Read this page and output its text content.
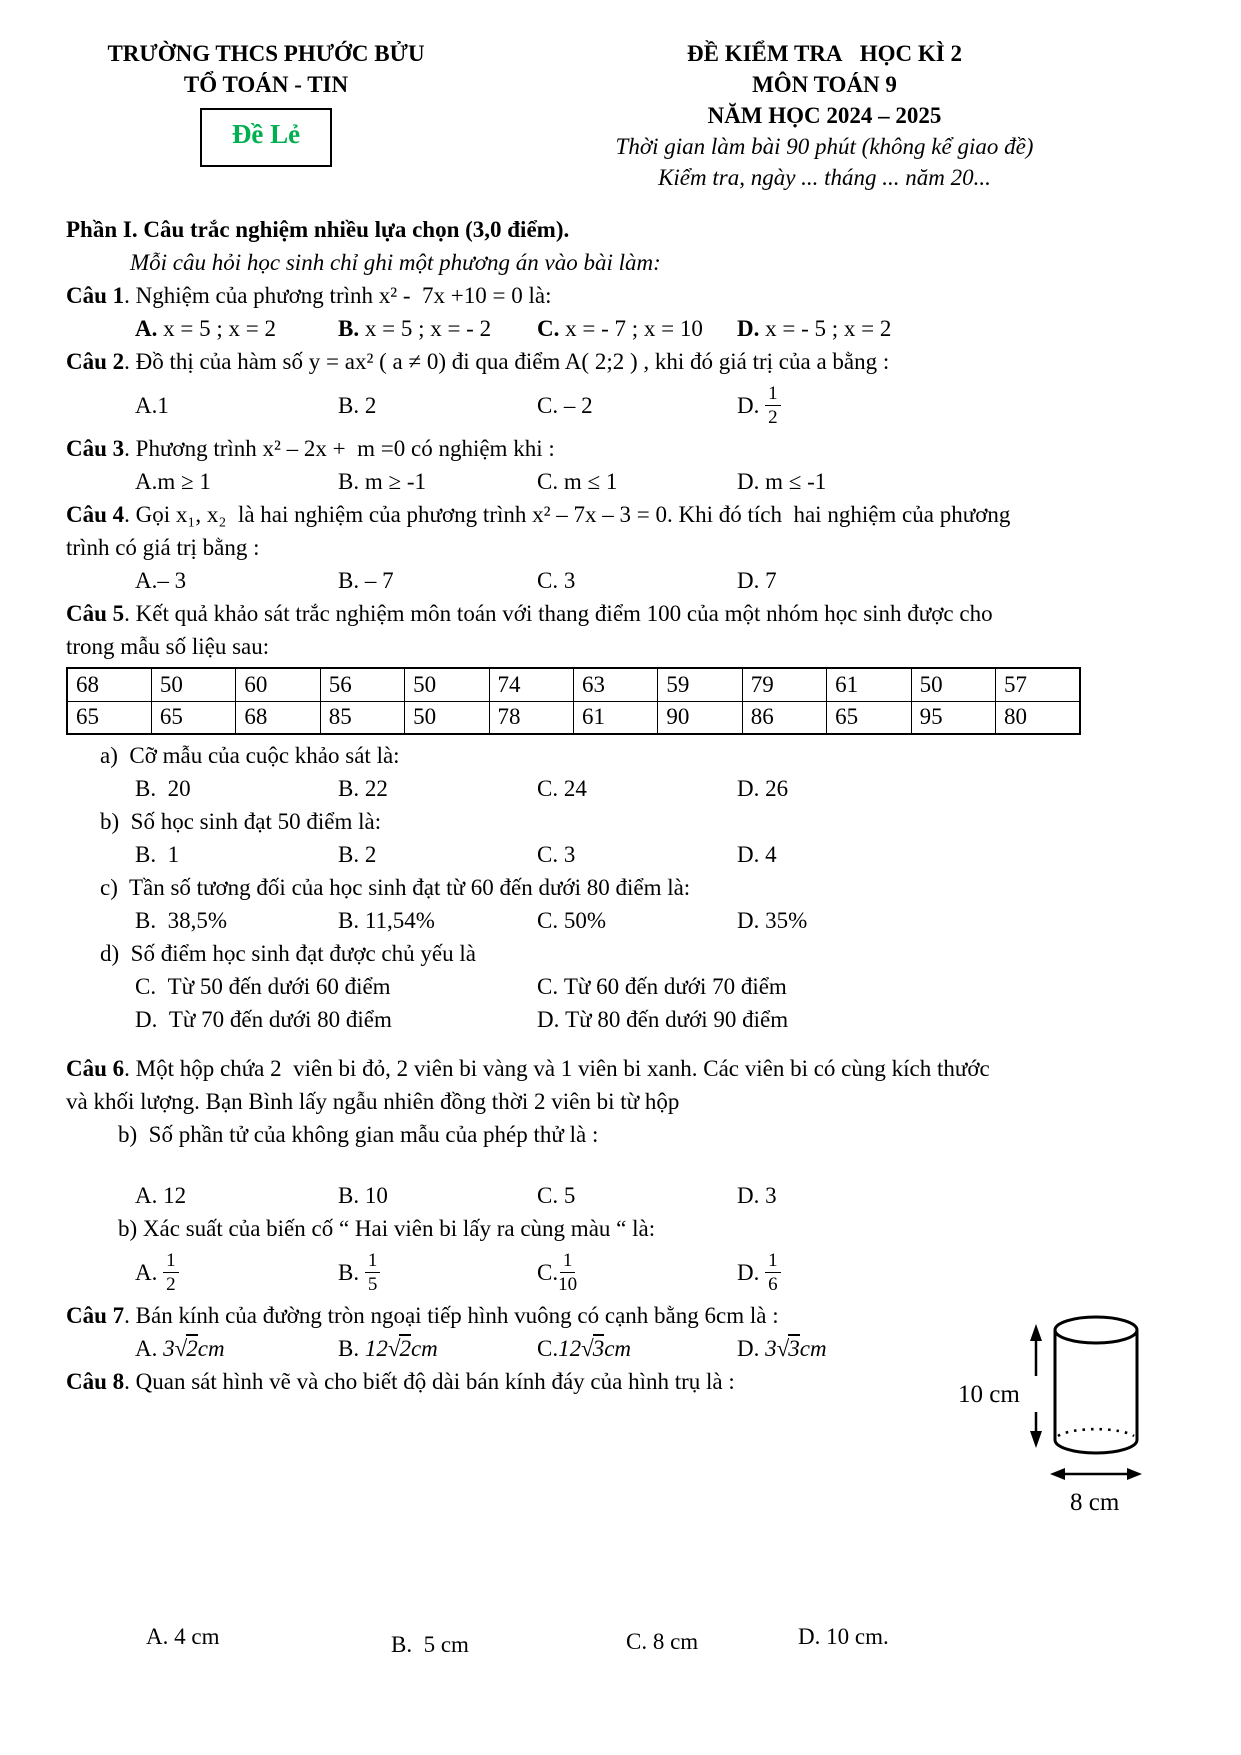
TRƯỜNG THCS PHƯỚC BỬU
TỔ TOÁN - TIN
Đề Lẻ
ĐỀ KIỂM TRA   HỌC KÌ 2
MÔN TOÁN 9
NĂM HỌC 2024 – 2025
Thời gian làm bài 90 phút (không kể giao đề)
Kiểm tra, ngày ... tháng ... năm 20...
Phần I. Câu trắc nghiệm nhiều lựa chọn (3,0 điểm).
Mỗi câu hỏi học sinh chỉ ghi một phương án vào bài làm:
Câu 1. Nghiệm của phương trình x² -  7x +10 = 0 là:
A. x = 5 ; x = 2	B. x = 5 ; x = - 2 C. x = - 7 ; x = 10 D. x = - 5 ; x = 2
Câu 2. Đồ thị của hàm số y = ax² ( a ≠ 0) đi qua điểm A( 2;2 ) , khi đó giá trị của a bằng :
A. 1	B. 2	C. – 2	D. $\frac{1}{2}$
Câu 3. Phương trình x² – 2x +  m =0 có nghiệm khi :
A. m ≥ 1	B. m ≥ -1	C. m ≤ 1	D. m ≤ -1
Câu 4. Gọi x₁, x₂  là hai nghiệm của phương trình x² – 7x – 3 = 0. Khi đó tích  hai nghiệm của phương
trình có giá trị bằng :
A. – 3	B. – 7	C. 3	D. 7
Câu 5. Kết quả khảo sát trắc nghiệm môn toán với thang điểm 100 của một nhóm học sinh được cho
trong mẫu số liệu sau:
68	50	60	56	50	74	63	59	79	61	50	57
65	65	68	85	50	78	61	90	86	65	95	80
a)  Cỡ mẫu của cuộc khảo sát là:
B. 20	B. 22	C. 24	D. 26
b)  Số học sinh đạt 50 điểm là:
B. 1	B. 2	C. 3	D. 4
c)  Tần số tương đối của học sinh đạt từ 60 đến dưới 80 điểm là:
B. 38,5%	B. 11,54%	C. 50%	D. 35%
d)  Số điểm học sinh đạt được chủ yếu là
C. Từ 50 đến dưới 60 điểm	C. Từ 60 đến dưới 70 điểm
D. Từ 70 đến dưới 80 điểm	D. Từ 80 đến dưới 90 điểm
Câu 6. Một hộp chứa 2  viên bi đỏ, 2 viên bi vàng và 1 viên bi xanh. Các viên bi có cùng kích thước
và khối lượng. Bạn Bình lấy ngẫu nhiên đồng thời 2 viên bi từ hộp
b)  Số phần tử của không gian mẫu của phép thử là :
A. 12	B. 10	C. 5	D. 3
b) Xác suất của biến cố “ Hai viên bi lấy ra cùng màu “ là:
A. $\frac{1}{2}$	B. $\frac{1}{5}$	C. $\frac{1}{10}$	D. $\frac{1}{6}$
Câu 7. Bán kính của đường tròn ngoại tiếp hình vuông có cạnh bằng 6cm là :
A. 3√2cm	B. 12√2cm	C. 12√3cm	D. 3√3cm
Câu 8. Quan sát hình vẽ và cho biết độ dài bán kính đáy của hình trụ là :	10 cm
8 cm
A. 4 cm	B. 5 cm	C. 8 cm	D. 10 cm.
